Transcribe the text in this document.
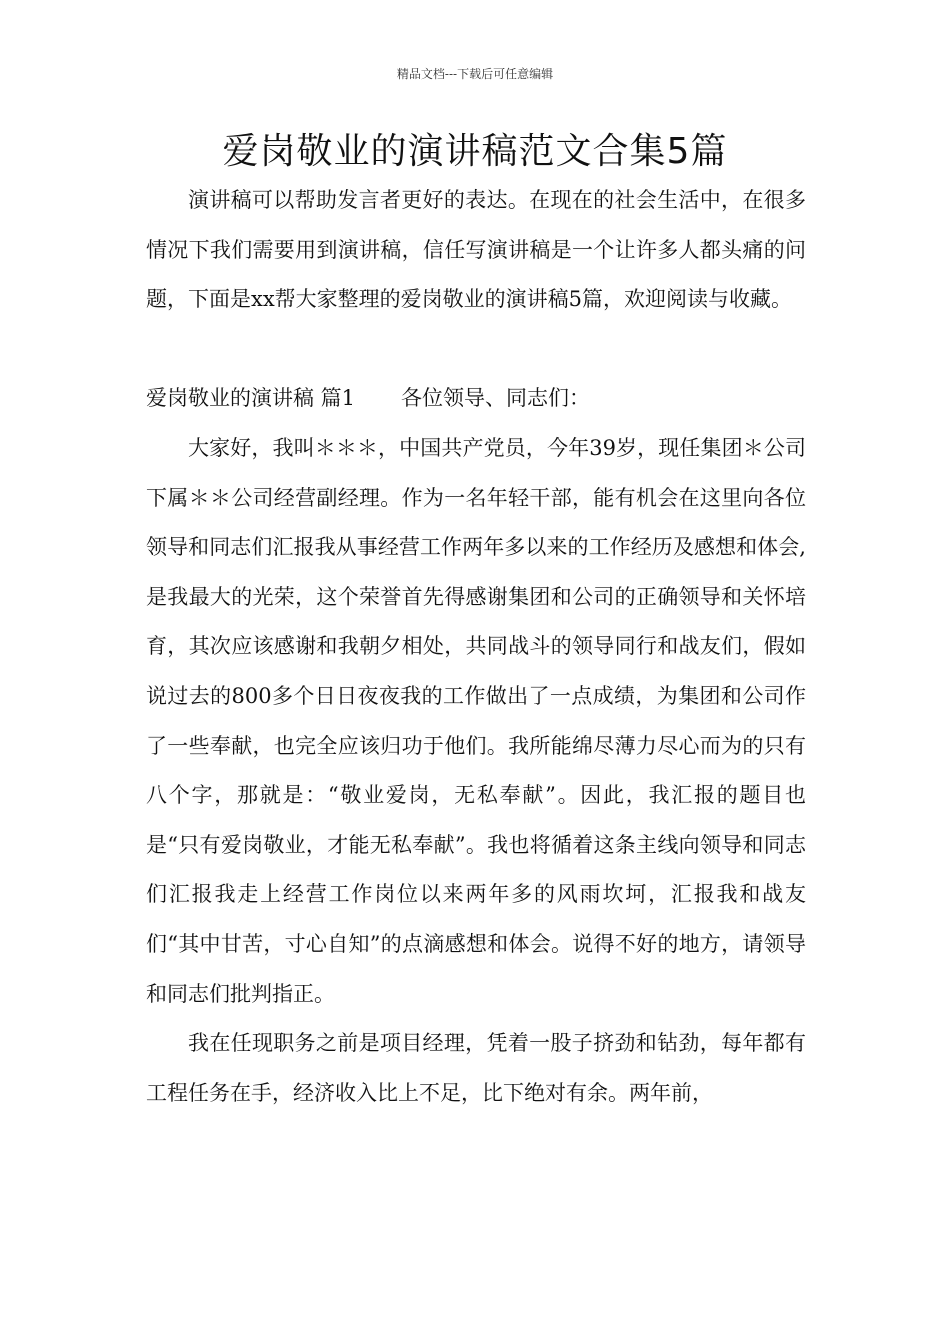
精品文档---下载后可任意编辑
爱岗敬业的演讲稿范文合集5篇

演讲稿可以帮助发言者更好的表达。在现在的社会生活中，在很多情况下我们需要用到演讲稿，信任写演讲稿是一个让许多人都头痛的问题，下面是xx帮大家整理的爱岗敬业的演讲稿5篇，欢迎阅读与收藏。

爱岗敬业的演讲稿 篇1 各位领导、同志们：

大家好，我叫＊＊＊，中国共产党员，今年39岁，现任集团＊公司下属＊＊公司经营副经理。作为一名年轻干部，能有机会在这里向各位领导和同志们汇报我从事经营工作两年多以来的工作经历及感想和体会,是我最大的光荣，这个荣誉首先得感谢集团和公司的正确领导和关怀培育，其次应该感谢和我朝夕相处，共同战斗的领导同行和战友们，假如说过去的800多个日日夜夜我的工作做出了一点成绩，为集团和公司作了一些奉献，也完全应该归功于他们。我所能绵尽薄力尽心而为的只有八个字，那就是：“敬业爱岗，无私奉献”。因此，我汇报的题目也是“只有爱岗敬业，才能无私奉献”。我也将循着这条主线向领导和同志们汇报我走上经营工作岗位以来两年多的风雨坎坷，汇报我和战友们“其中甘苦，寸心自知”的点滴感想和体会。说得不好的地方，请领导和同志们批判指正。

我在任现职务之前是项目经理，凭着一股子挤劲和钻劲，每年都有工程任务在手，经济收入比上不足，比下绝对有余。两年前，
